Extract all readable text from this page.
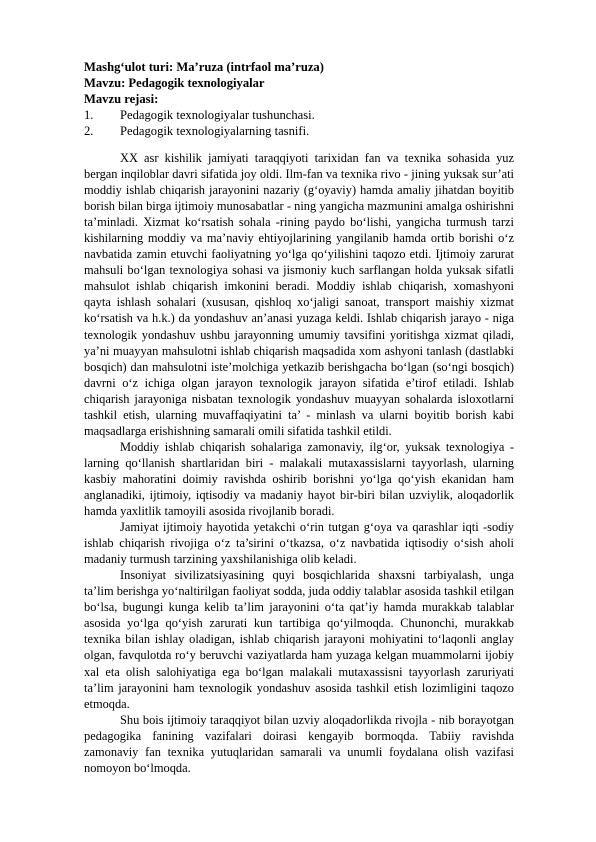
Mashg‘ulot turi: Ma’ruza (intrfaol ma’ruza)

Mavzu: Pedagogik texnologiyalar

Mavzu rejasi:

1.	Pedagogik texnologiyalar tushunchasi.
2.	Pedagogik texnologiyalarning tasnifi.

XX asr kishilik jamiyati taraqqiyoti tarixidan fan va texnika sohasida yuz bergan inqiloblar davri sifatida joy oldi. Ilm-fan va texnika rivo - jining yuksak sur’ati moddiy ishlab chiqarish jarayonini nazariy (g‘oyaviy) hamda amaliy jihatdan boyitib borish bilan birga ijtimoiy munosabatlar - ning yangicha mazmunini amalga oshirishni ta’minladi. Xizmat ko‘rsatish sohala -rining paydo bo‘lishi, yangicha turmush tarzi kishilarning moddiy va ma’naviy ehtiyojlarining yangilanib hamda ortib borishi o‘z navbatida zamin etuvchi faoliyatning yo‘lga qo‘yilishini taqozo etdi. Ijtimoiy zarurat mahsuli bo‘lgan texnologiya sohasi va jismoniy kuch sarflangan holda yuksak sifatli mahsulot ishlab chiqarish imkonini beradi. Moddiy ishlab chiqarish, xomashyoni qayta ishlash sohalari (xususan, qishloq xo‘jaligi sanoat, transport maishiy xizmat ko‘rsatish va h.k.) da yondashuv an’anasi yuzaga keldi. Ishlab chiqarish jarayo - niga texnologik yondashuv ushbu jarayonning umumiy tavsifini yoritishga xizmat qiladi, ya’ni muayyan mahsulotni ishlab chiqarish maqsadida xom ashyoni tanlash (dastlabki bosqich) dan mahsulotni iste’molchiga yetkazib berishgacha bo‘lgan (so‘ngi bosqich) davrni o‘z ichiga olgan jarayon texnologik jarayon sifatida e’tirof etiladi. Ishlab chiqarish jarayoniga nisbatan texnologik yondashuv muayyan sohalarda isloxotlarni tashkil etish, ularning muvaffaqiyatini ta’ - minlash va ularni boyitib borish kabi maqsadlarga erishishning samarali omili sifatida tashkil etildi.

Moddiy ishlab chiqarish sohalariga zamonaviy, ilg‘or, yuksak texnologiya -larning qo‘llanish shartlaridan biri - malakali mutaxassislarni tayyorlash, ularning kasbiy mahoratini doimiy ravishda oshirib borishni yo‘lga qo‘yish ekanidan ham anglanadiki, ijtimoiy, iqtisodiy va madaniy hayot bir-biri bilan uzviylik, aloqadorlik hamda yaxlitlik tamoyili asosida rivojlanib boradi.

Jamiyat ijtimoiy hayotida yetakchi o‘rin tutgan g‘oya va qarashlar iqti -sodiy ishlab chiqarish rivojiga o‘z ta’sirini o‘tkazsa, o‘z navbatida iqtisodiy o‘sish aholi madaniy turmush tarzining yaxshilanishiga olib keladi.

Insoniyat sivilizatsiyasining quyi bosqichlarida shaxsni tarbiyalash, unga ta’lim berishga yo‘naltirilgan faoliyat sodda, juda oddiy talablar asosida tashkil etilgan bo‘lsa, bugungi kunga kelib ta’lim jarayonini o‘ta qat’iy hamda murakkab talablar asosida yo‘lga qo‘yish zarurati kun tartibiga qo‘yilmoqda. Chunonchi, murakkab texnika bilan ishlay oladigan, ishlab chiqarish jarayoni mohiyatini to‘laqonli anglay olgan, favqulotda ro‘y beruvchi vaziyatlarda ham yuzaga kelgan muammolarni ijobiy xal eta olish salohiyatiga ega bo‘lgan malakali mutaxassisni tayyorlash zaruriyati ta’lim jarayonini ham texnologik yondashuv asosida tashkil etish lozimligini taqozo etmoqda.

Shu bois ijtimoiy taraqqiyot bilan uzviy aloqadorlikda rivojla - nib borayotgan pedagogika fanining vazifalari doirasi kengayib bormoqda. Tabiiy ravishda zamonaviy fan texnika yutuqlaridan samarali va unumli foydalana olish vazifasi nomoyon bo‘lmoqda.
